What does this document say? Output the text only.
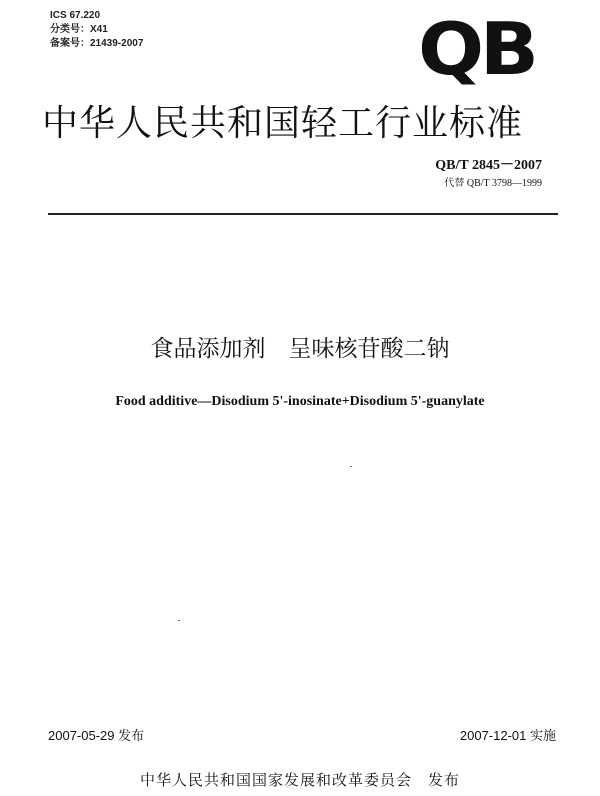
ICS 67.220
分类号：X41
备案号：21439-2007	QB
中华人民共和国轻工行业标准
QB/T 2845－2007
代替 QB/T 3798—1999
食品添加剂　呈味核苷酸二钠
Food additive—Disodium 5'-inosinate+Disodium 5'-guanylate
2007-05-29 发布	2007-12-01 实施
中华人民共和国国家发展和改革委员会　发布
